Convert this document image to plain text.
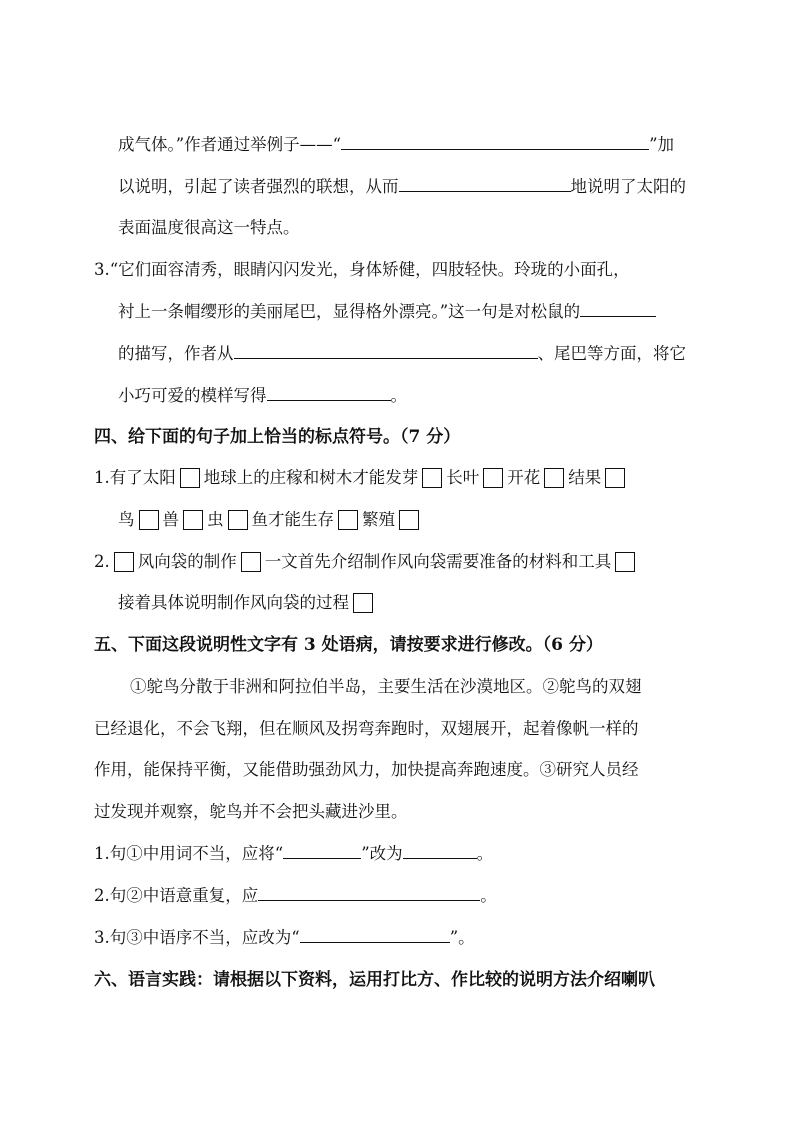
成气体。”作者通过举例子——“	”加
以说明，引起了读者强烈的联想，从而	地说明了太阳的
表面温度很高这一特点。
3.“它们面容清秀，眼睛闪闪发光，身体矫健，四肢轻快。玲珑的小面孔，
衬上一条帽缨形的美丽尾巴，显得格外漂亮。”这一句是对松鼠的
的描写，作者从	、尾巴等方面，将它
小巧可爱的模样写得	。
四、给下面的句子加上恰当的标点符号。（7 分）
1.有了太阳 地球上的庄稼和树木才能发芽 长叶 开花 结果
鸟 兽 虫 鱼才能生存 繁殖
2. 风向袋的制作 一文首先介绍制作风向袋需要准备的材料和工具
接着具体说明制作风向袋的过程
五、下面这段说明性文字有 3 处语病，请按要求进行修改。（6 分）
①鸵鸟分散于非洲和阿拉伯半岛，主要生活在沙漠地区。②鸵鸟的双翅
已经退化，不会飞翔，但在顺风及拐弯奔跑时，双翅展开，起着像帆一样的
作用，能保持平衡，又能借助强劲风力，加快提高奔跑速度。③研究人员经
过发现并观察，鸵鸟并不会把头藏进沙里。
1.句①中用词不当，应将“	”改为	。
2.句②中语意重复，应	。
3.句③中语序不当，应改为“	”。
六、语言实践：请根据以下资料，运用打比方、作比较的说明方法介绍喇叭
